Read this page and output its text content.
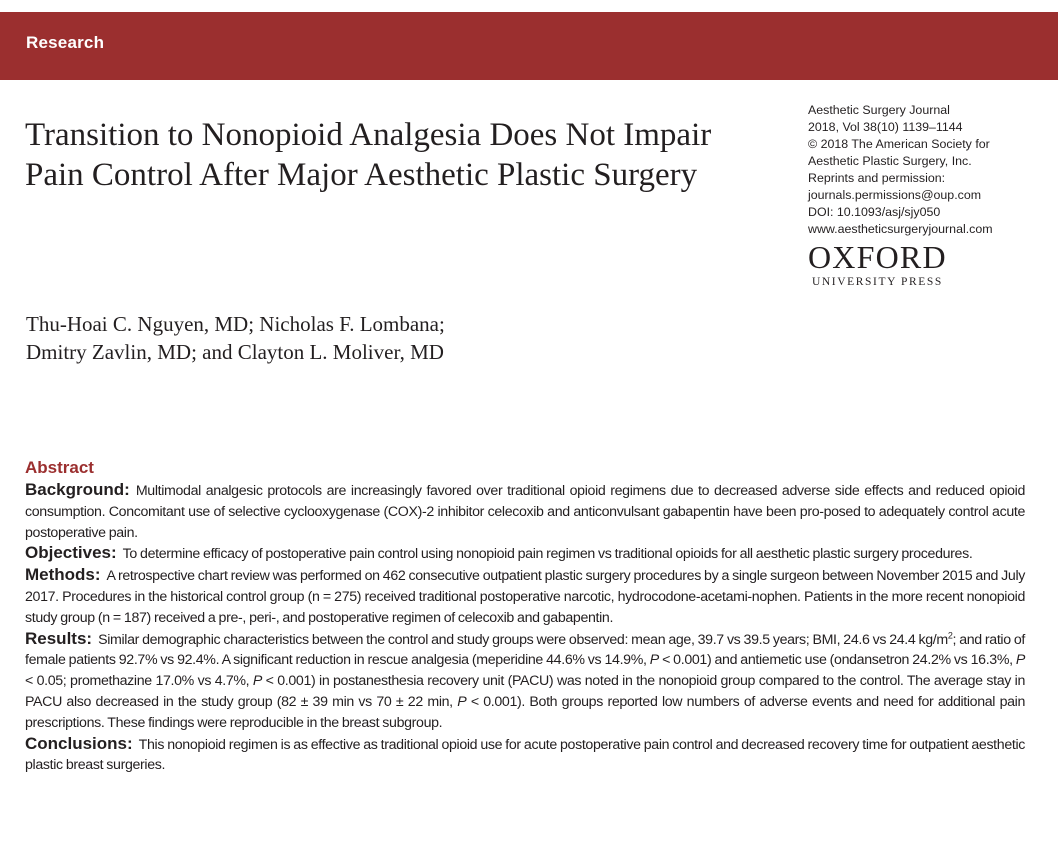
Research
Transition to Nonopioid Analgesia Does Not Impair Pain Control After Major Aesthetic Plastic Surgery
Aesthetic Surgery Journal
2018, Vol 38(10) 1139–1144
© 2018 The American Society for
Aesthetic Plastic Surgery, Inc.
Reprints and permission:
journals.permissions@oup.com
DOI: 10.1093/asj/sjy050
www.aestheticsurgeryjournal.com
OXFORD
UNIVERSITY PRESS
Thu-Hoai C. Nguyen, MD; Nicholas F. Lombana;
Dmitry Zavlin, MD; and Clayton L. Moliver, MD
Abstract

Background: Multimodal analgesic protocols are increasingly favored over traditional opioid regimens due to decreased adverse side effects and reduced opioid consumption. Concomitant use of selective cyclooxygenase (COX)-2 inhibitor celecoxib and anticonvulsant gabapentin have been pro-posed to adequately control acute postoperative pain.

Objectives: To determine efficacy of postoperative pain control using nonopioid pain regimen vs traditional opioids for all aesthetic plastic surgery procedures.

Methods: A retrospective chart review was performed on 462 consecutive outpatient plastic surgery procedures by a single surgeon between November 2015 and July 2017. Procedures in the historical control group (n = 275) received traditional postoperative narcotic, hydrocodone-acetami-nophen. Patients in the more recent nonopioid study group (n = 187) received a pre-, peri-, and postoperative regimen of celecoxib and gabapentin.

Results: Similar demographic characteristics between the control and study groups were observed: mean age, 39.7 vs 39.5 years; BMI, 24.6 vs 24.4 $kg/m^2$; and ratio of female patients 92.7% vs 92.4%. A significant reduction in rescue analgesia (meperidine 44.6% vs 14.9%, P < 0.001) and antiemetic use (ondansetron 24.2% vs 16.3%, P < 0.05; promethazine 17.0% vs 4.7%, P < 0.001) in postanesthesia recovery unit (PACU) was noted in the nonopioid group compared to the control. The average stay in PACU also decreased in the study group (82 ± 39 min vs 70 ± 22 min, P < 0.001). Both groups reported low numbers of adverse events and need for additional pain prescriptions. These findings were reproducible in the breast subgroup.

Conclusions: This nonopioid regimen is as effective as traditional opioid use for acute postoperative pain control and decreased recovery time for outpatient aesthetic plastic breast surgeries.
